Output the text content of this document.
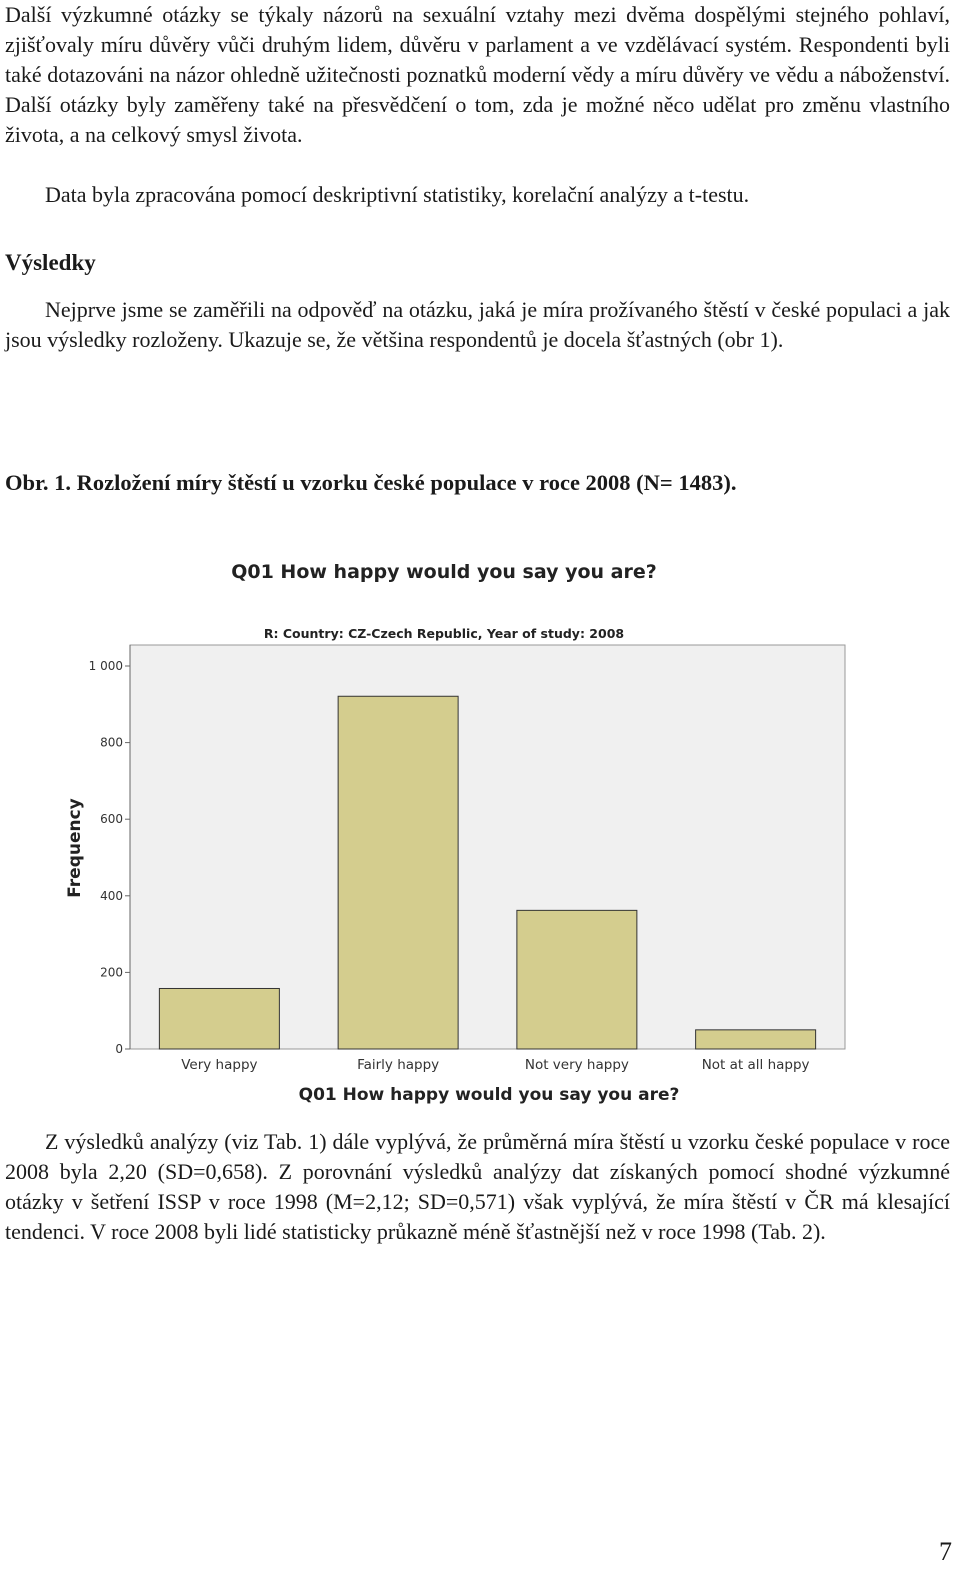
Další výzkumné otázky se týkaly názorů na sexuální vztahy mezi dvěma dospělými stejného pohlaví, zjišťovaly míru důvěry vůči druhým lidem, důvěru v parlament a ve vzdělávací systém. Respondenti byli také dotazováni na názor ohledně užitečnosti poznatků moderní vědy a míru důvěry ve vědu a náboženství. Další otázky byly zaměřeny také na přesvědčení o tom, zda je možné něco udělat pro změnu vlastního života, a na celkový smysl života.

Data byla zpracována pomocí deskriptivní statistiky, korelační analýzy a t-testu.

Výsledky

Nejprve jsme se zaměřili na odpověď na otázku, jaká je míra prožívaného štěstí v české populaci a jak jsou výsledky rozloženy. Ukazuje se, že většina respondentů je docela šťastných (obr 1).

Obr. 1. Rozložení míry štěstí u vzorku české populace v roce 2008 (N= 1483).

Q01 How happy would you say you are?
R: Country: CZ-Czech Republic, Year of study: 2008
0
200
400
600
800
1 000
Very happy	Fairly happy	Not very happy	Not at all happy
Frequency
Q01 How happy would you say you are?

Z výsledků analýzy (viz Tab. 1) dále vyplývá, že průměrná míra štěstí u vzorku české populace v roce 2008 byla 2,20 (SD=0,658). Z porovnání výsledků analýzy dat získaných pomocí shodné výzkumné otázky v šetření ISSP v roce 1998 (M=2,12; SD=0,571) však vyplývá, že míra štěstí v ČR má klesající tendenci. V roce 2008 byli lidé statisticky průkazně méně šťastnější než v roce 1998 (Tab. 2).

7
